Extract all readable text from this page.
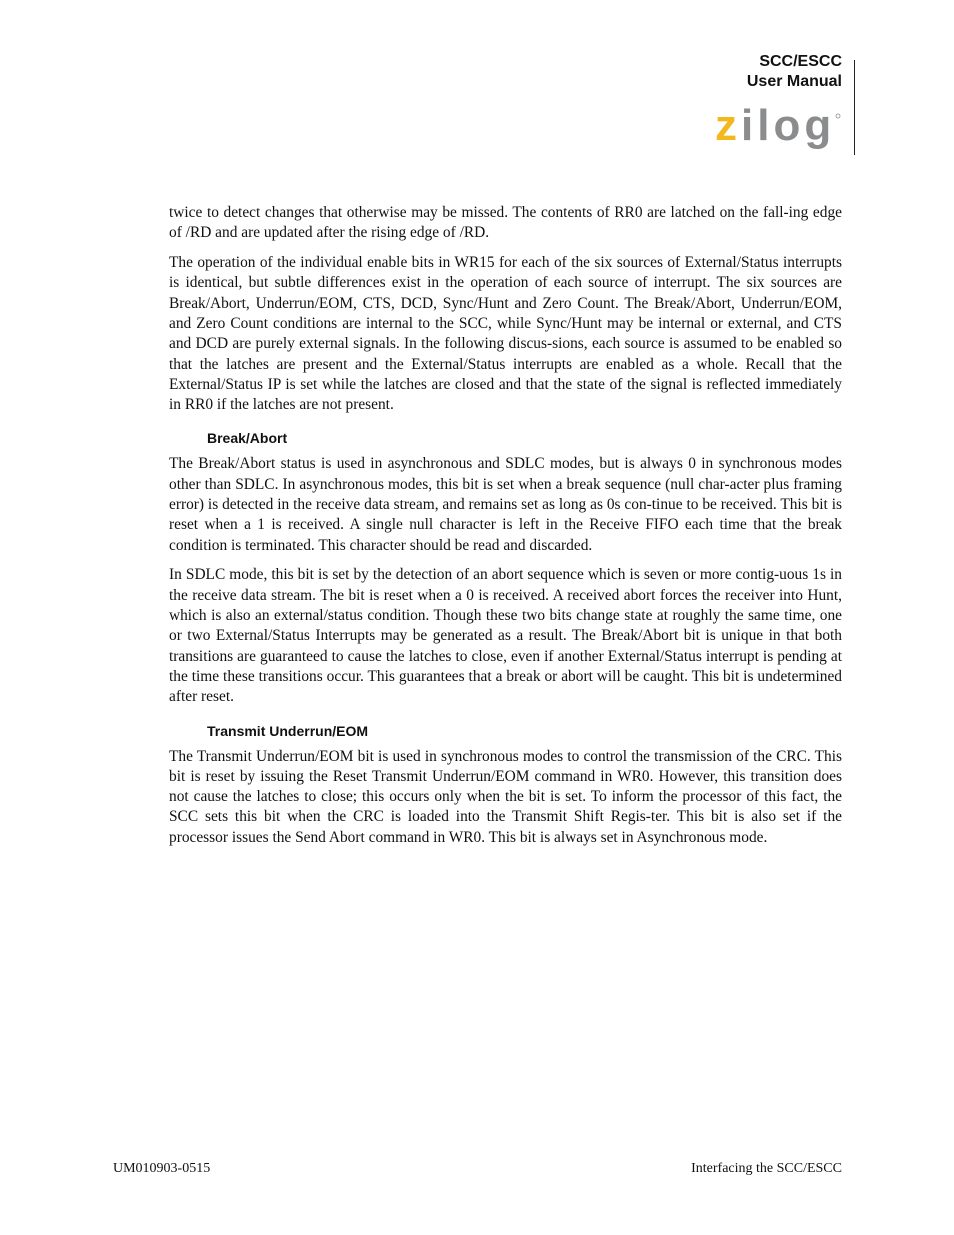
SCC/ESCC
User Manual
zilog

twice to detect changes that otherwise may be missed. The contents of RR0 are latched on the fall-ing edge of /RD and are updated after the rising edge of /RD.

The operation of the individual enable bits in WR15 for each of the six sources of External/Status interrupts is identical, but subtle differences exist in the operation of each source of interrupt. The six sources are Break/Abort, Underrun/EOM, CTS, DCD, Sync/Hunt and Zero Count. The Break/Abort, Underrun/EOM, and Zero Count conditions are internal to the SCC, while Sync/Hunt may be internal or external, and CTS and DCD are purely external signals. In the following discus-sions, each source is assumed to be enabled so that the latches are present and the External/Status interrupts are enabled as a whole. Recall that the External/Status IP is set while the latches are closed and that the state of the signal is reflected immediately in RR0 if the latches are not present.

Break/Abort

The Break/Abort status is used in asynchronous and SDLC modes, but is always 0 in synchronous modes other than SDLC. In asynchronous modes, this bit is set when a break sequence (null char-acter plus framing error) is detected in the receive data stream, and remains set as long as 0s con-tinue to be received. This bit is reset when a 1 is received. A single null character is left in the Receive FIFO each time that the break condition is terminated. This character should be read and discarded.

In SDLC mode, this bit is set by the detection of an abort sequence which is seven or more contig-uous 1s in the receive data stream. The bit is reset when a 0 is received. A received abort forces the receiver into Hunt, which is also an external/status condition. Though these two bits change state at roughly the same time, one or two External/Status Interrupts may be generated as a result. The Break/Abort bit is unique in that both transitions are guaranteed to cause the latches to close, even if another External/Status interrupt is pending at the time these transitions occur. This guarantees that a break or abort will be caught. This bit is undetermined after reset.

Transmit Underrun/EOM

The Transmit Underrun/EOM bit is used in synchronous modes to control the transmission of the CRC. This bit is reset by issuing the Reset Transmit Underrun/EOM command in WR0. However, this transition does not cause the latches to close; this occurs only when the bit is set. To inform the processor of this fact, the SCC sets this bit when the CRC is loaded into the Transmit Shift Regis-ter. This bit is also set if the processor issues the Send Abort command in WR0. This bit is always set in Asynchronous mode.

UM010903-0515	Interfacing the SCC/ESCC
